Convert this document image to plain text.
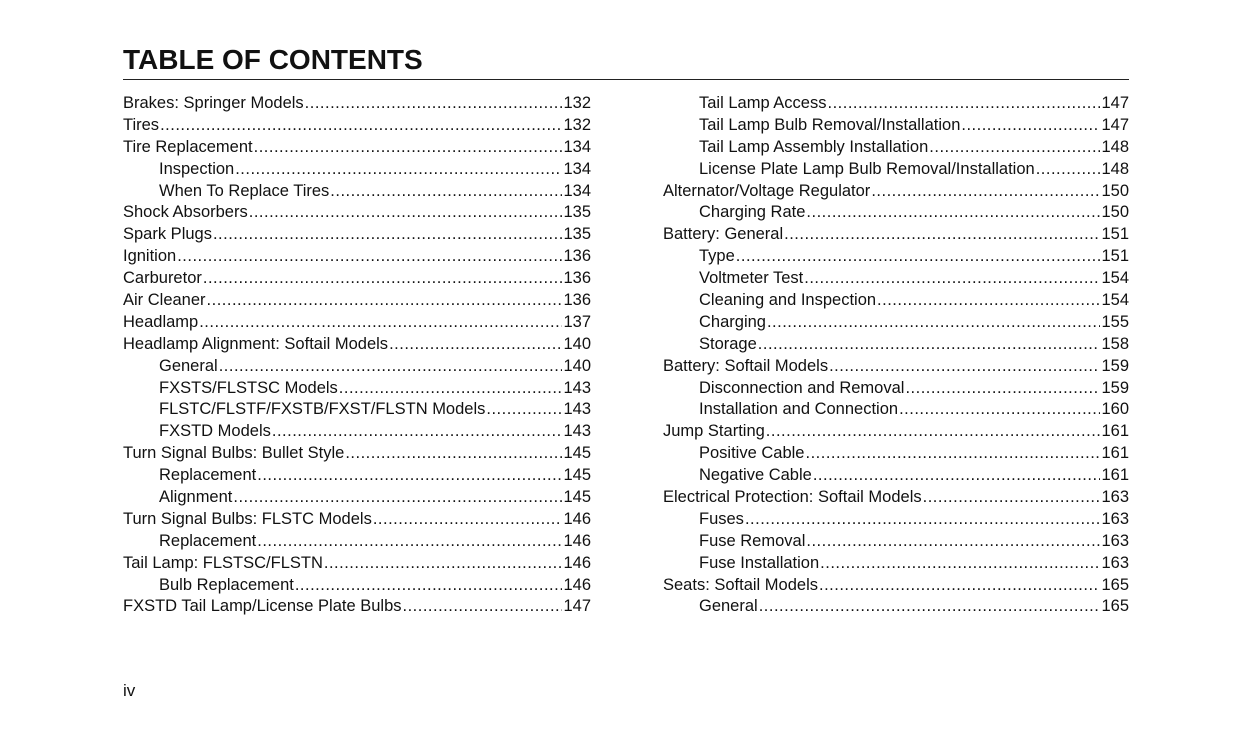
TABLE OF CONTENTS
Brakes: Springer Models .....	132
Tires .....	132
Tire Replacement .....	134
Inspection .....	134
When To Replace Tires .....	134
Shock Absorbers .....	135
Spark Plugs .....	135
Ignition .....	136
Carburetor .....	136
Air Cleaner .....	136
Headlamp .....	137
Headlamp Alignment: Softail Models .....	140
General .....	140
FXSTS/FLSTSC Models .....	143
FLSTC/FLSTF/FXSTB/FXST/FLSTN Models .....	143
FXSTD Models .....	143
Turn Signal Bulbs: Bullet Style .....	145
Replacement .....	145
Alignment .....	145
Turn Signal Bulbs: FLSTC Models .....	146
Replacement .....	146
Tail Lamp: FLSTSC/FLSTN .....	146
Bulb Replacement .....	146
FXSTD Tail Lamp/License Plate Bulbs .....	147
Tail Lamp Access .....	147
Tail Lamp Bulb Removal/Installation .....	147
Tail Lamp Assembly Installation .....	148
License Plate Lamp Bulb Removal/Installation .....	148
Alternator/Voltage Regulator .....	150
Charging Rate .....	150
Battery: General .....	151
Type .....	151
Voltmeter Test .....	154
Cleaning and Inspection .....	154
Charging .....	155
Storage .....	158
Battery: Softail Models .....	159
Disconnection and Removal .....	159
Installation and Connection .....	160
Jump Starting .....	161
Positive Cable .....	161
Negative Cable .....	161
Electrical Protection: Softail Models .....	163
Fuses .....	163
Fuse Removal .....	163
Fuse Installation .....	163
Seats: Softail Models .....	165
General .....	165
iv
